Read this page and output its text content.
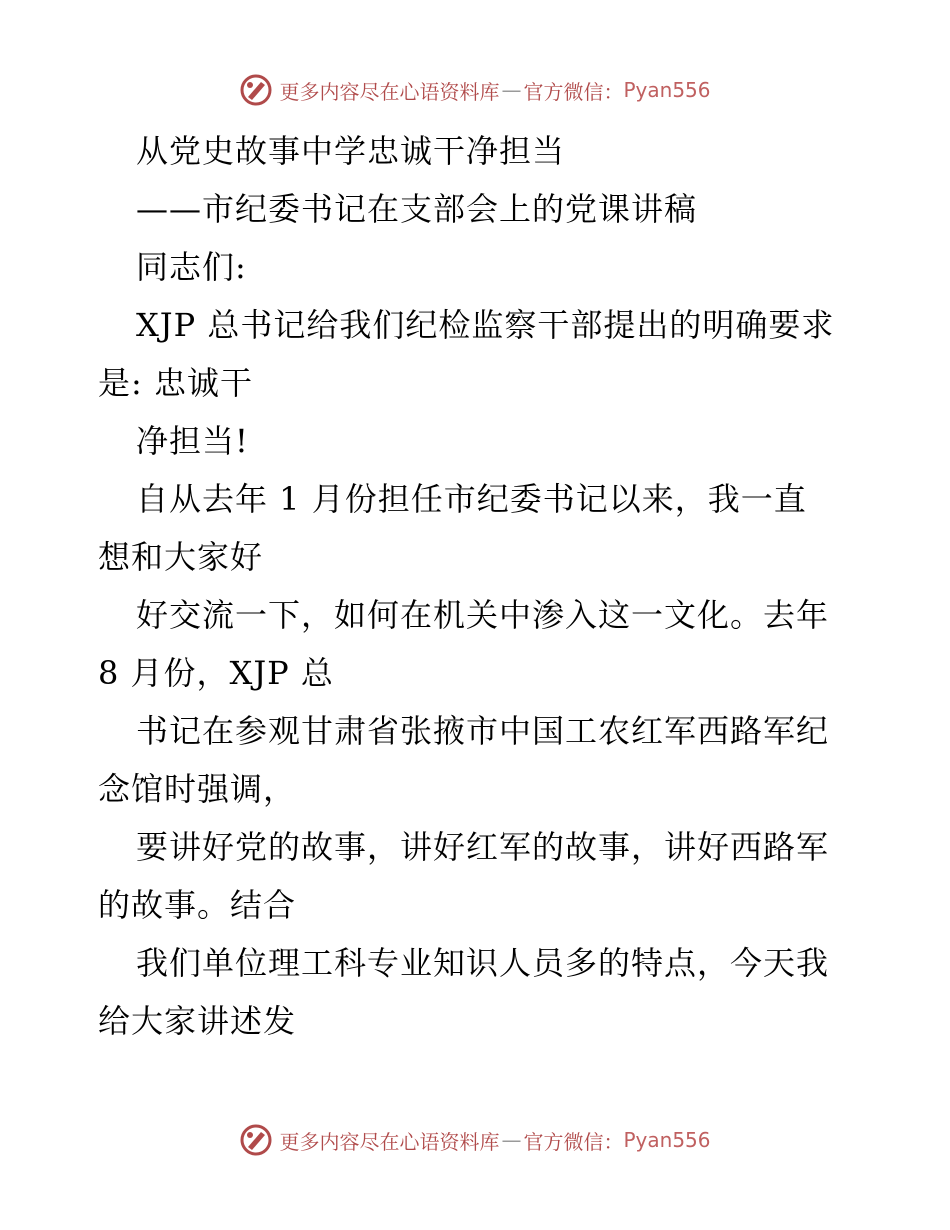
更多内容尽在心语资料库 — 官方微信： Pyan556
从党史故事中学忠诚干净担当
——市纪委书记在支部会上的党课讲稿
同志们:
XJP 总书记给我们纪检监察干部提出的明确要求
是: 忠诚干
净担当!
自从去年 1 月份担任市纪委书记以来，我一直
想和大家好
好交流一下，如何在机关中渗入这一文化。去年
8 月份，XJP 总
书记在参观甘肃省张掖市中国工农红军西路军纪
念馆时强调，
要讲好党的故事，讲好红军的故事，讲好西路军
的故事。结合
我们单位理工科专业知识人员多的特点，今天我
给大家讲述发
更多内容尽在心语资料库 — 官方微信： Pyan556
